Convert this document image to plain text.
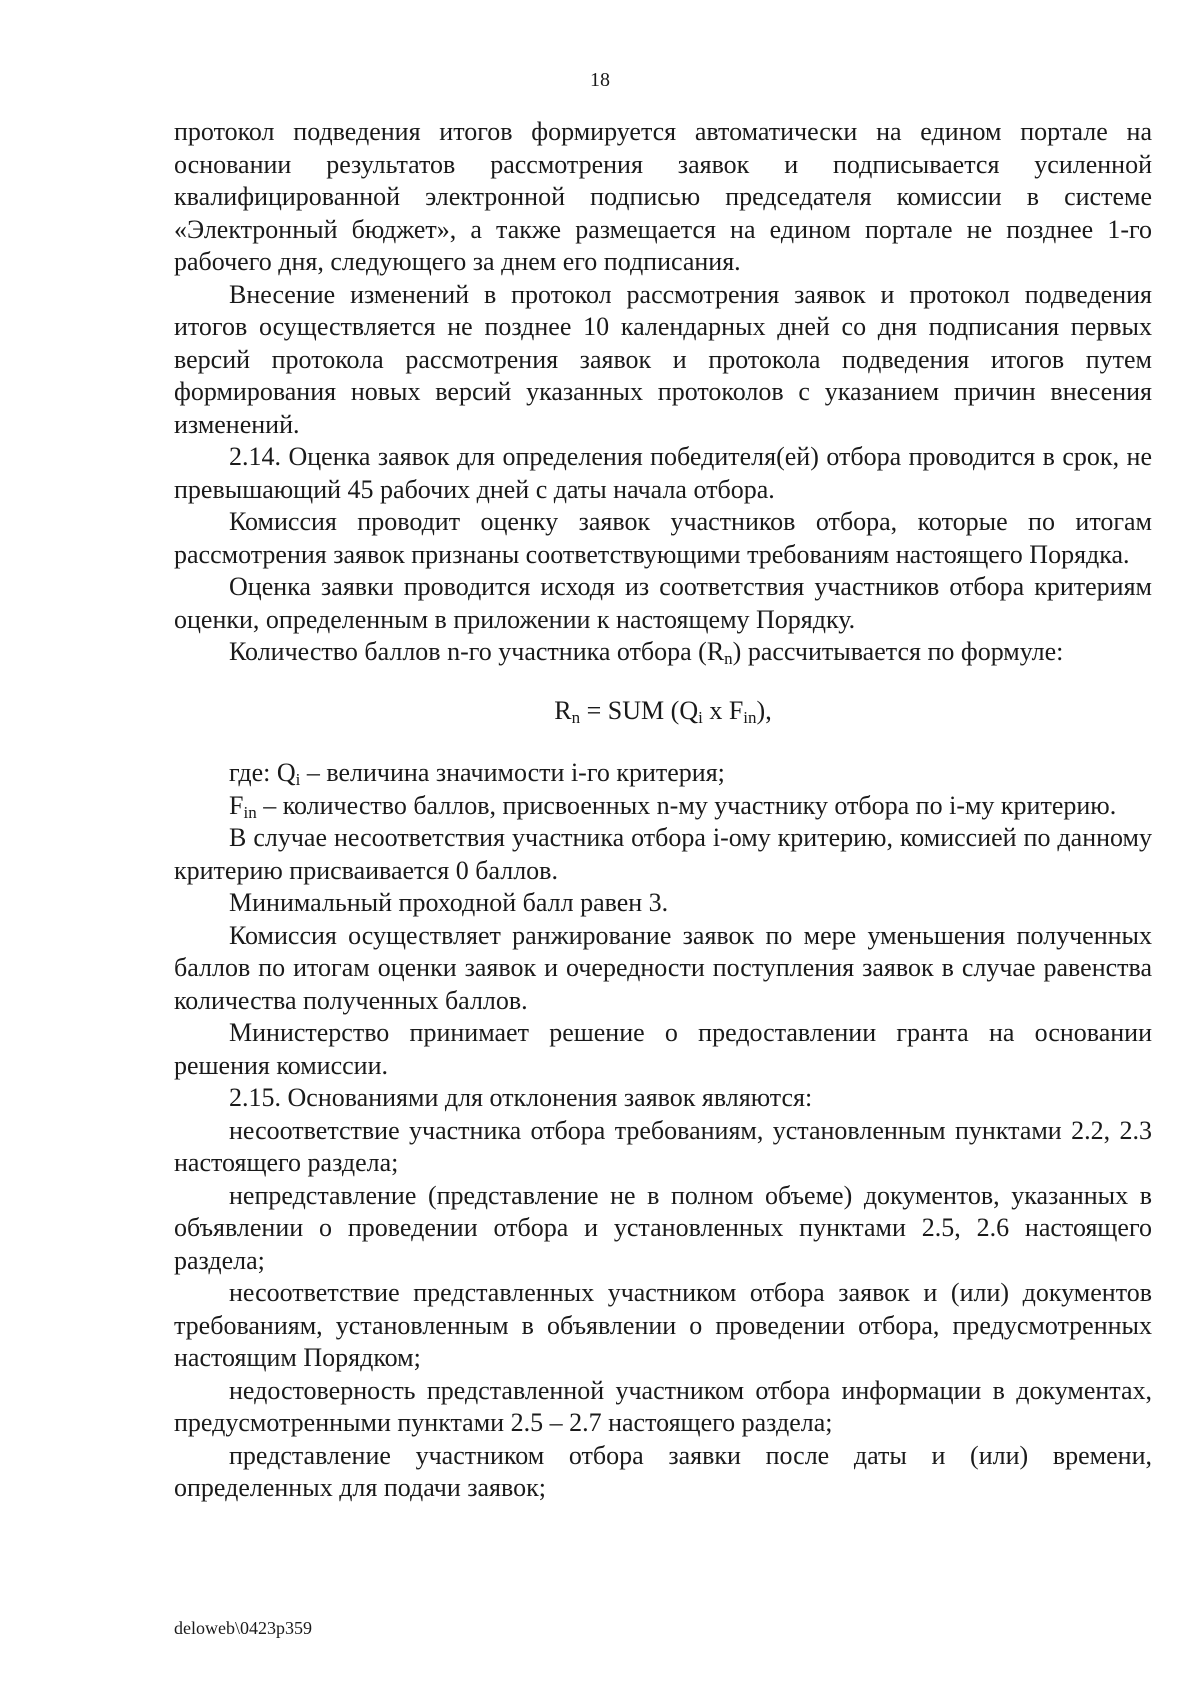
18

протокол подведения итогов формируется автоматически на едином портале на основании результатов рассмотрения заявок и подписывается усиленной квалифицированной электронной подписью председателя комиссии в системе «Электронный бюджет», а также размещается на едином портале не позднее 1-го рабочего дня, следующего за днем его подписания.

Внесение изменений в протокол рассмотрения заявок и протокол подведения итогов осуществляется не позднее 10 календарных дней со дня подписания первых версий протокола рассмотрения заявок и протокола подведения итогов путем формирования новых версий указанных протоколов с указанием причин внесения изменений.

2.14. Оценка заявок для определения победителя(ей) отбора проводится в срок, не превышающий 45 рабочих дней с даты начала отбора.

Комиссия проводит оценку заявок участников отбора, которые по итогам рассмотрения заявок признаны соответствующими требованиям настоящего Порядка.

Оценка заявки проводится исходя из соответствия участников отбора критериям оценки, определенным в приложении к настоящему Порядку.

Количество баллов n-го участника отбора $(R_n)$ рассчитывается по формуле:

$R_n$ = SUM ($Q_i$ x $F_{in}$),

где: $Q_i$ – величина значимости i-го критерия;

$F_{in}$ – количество баллов, присвоенных n-му участнику отбора по i-му критерию.

В случае несоответствия участника отбора i-ому критерию, комиссией по данному критерию присваивается 0 баллов.

Минимальный проходной балл равен 3.

Комиссия осуществляет ранжирование заявок по мере уменьшения полученных баллов по итогам оценки заявок и очередности поступления заявок в случае равенства количества полученных баллов.

Министерство принимает решение о предоставлении гранта на основании решения комиссии.

2.15. Основаниями для отклонения заявок являются:

несоответствие участника отбора требованиям, установленным пунктами 2.2, 2.3 настоящего раздела;

непредставление (представление не в полном объеме) документов, указанных в объявлении о проведении отбора и установленных пунктами 2.5, 2.6 настоящего раздела;

несоответствие представленных участником отбора заявок и (или) документов требованиям, установленным в объявлении о проведении отбора, предусмотренных настоящим Порядком;

недостоверность представленной участником отбора информации в документах, предусмотренными пунктами 2.5 – 2.7 настоящего раздела;

представление участником отбора заявки после даты и (или) времени, определенных для подачи заявок;

deloweb\0423p359
